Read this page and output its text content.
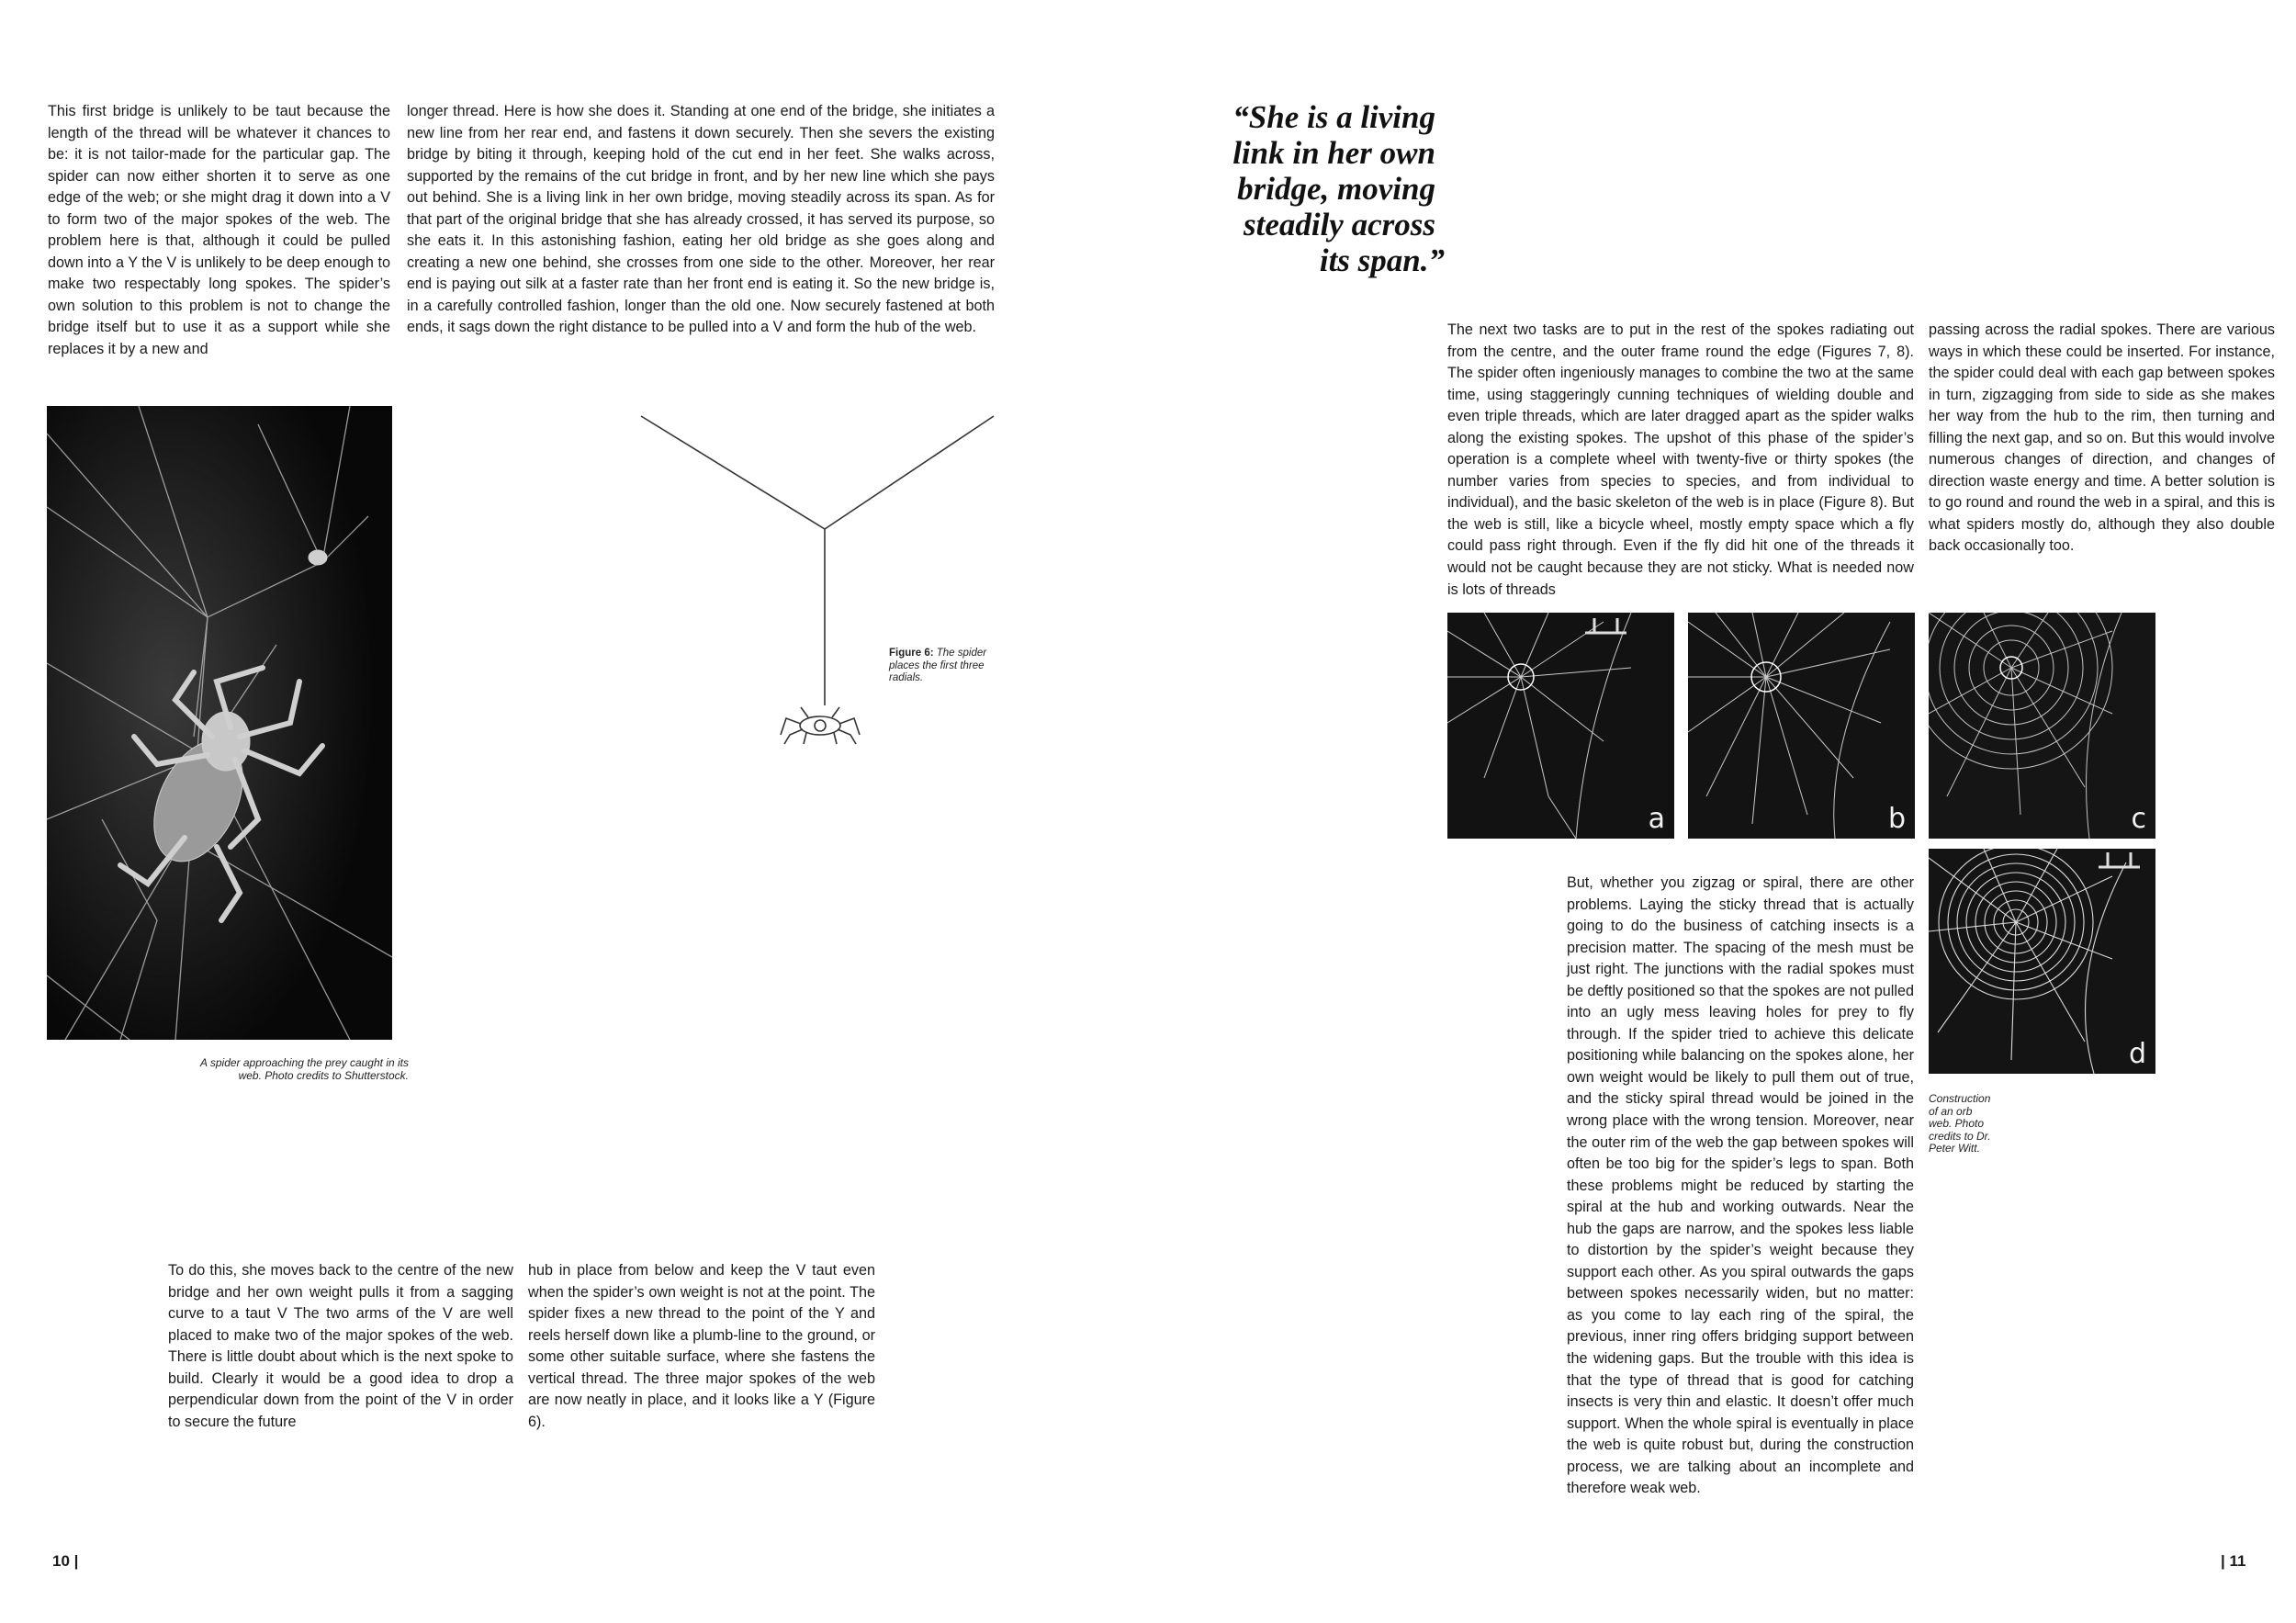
This first bridge is unlikely to be taut because the length of the thread will be whatever it chances to be: it is not tailor-made for the particular gap. The spider can now either shorten it to serve as one edge of the web; or she might drag it down into a V to form two of the major spokes of the web. The problem here is that, although it could be pulled down into a Y the V is unlikely to be deep enough to make two respectably long spokes. The spider’s own solution to this problem is not to change the bridge itself but to use it as a support while she replaces it by a new and

longer thread. Here is how she does it. Standing at one end of the bridge, she initiates a new line from her rear end, and fastens it down securely. Then she severs the existing bridge by biting it through, keeping hold of the cut end in her feet. She walks across, supported by the remains of the cut bridge in front, and by her new line which she pays out behind. She is a living link in her own bridge, moving steadily across its span. As for that part of the original bridge that she has already crossed, it has served its purpose, so she eats it. In this astonishing fashion, eating her old bridge as she goes along and creating a new one behind, she crosses from one side to the other. Moreover, her rear end is paying out silk at a faster rate than her front end is eating it. So the new bridge is, in a carefully controlled fashion, longer than the old one. Now securely fastened at both ends, it sags down the right distance to be pulled into a V and form the hub of the web.

A spider approaching the prey caught in its web. Photo credits to Shutterstock.

Figure 6: The spider places the first three radials.

To do this, she moves back to the centre of the new bridge and her own weight pulls it from a sagging curve to a taut V The two arms of the V are well placed to make two of the major spokes of the web. There is little doubt about which is the next spoke to build. Clearly it would be a good idea to drop a perpendicular down from the point of the V in order to secure the future

hub in place from below and keep the V taut even when the spider’s own weight is not at the point. The spider fixes a new thread to the point of the Y and reels herself down like a plumb-line to the ground, or some other suitable surface, where she fastens the vertical thread. The three major spokes of the web are now neatly in place, and it looks like a Y (Figure 6).

10 |
“She is a living
link in her own
bridge, moving
steadily across
its span.”

The next two tasks are to put in the rest of the spokes radiating out from the centre, and the outer frame round the edge (Figures 7, 8). The spider often ingeniously manages to combine the two at the same time, using staggeringly cunning techniques of wielding double and even triple threads, which are later dragged apart as the spider walks along the existing spokes. The upshot of this phase of the spider’s operation is a complete wheel with twenty-five or thirty spokes (the number varies from species to species, and from individual to individual), and the basic skeleton of the web is in place (Figure 8). But the web is still, like a bicycle wheel, mostly empty space which a fly could pass right through. Even if the fly did hit one of the threads it would not be caught because they are not sticky. What is needed now is lots of threads

passing across the radial spokes. There are various ways in which these could be inserted. For instance, the spider could deal with each gap between spokes in turn, zigzagging from side to side as she makes her way from the hub to the rim, then turning and filling the next gap, and so on. But this would involve numerous changes of direction, and changes of direction waste energy and time. A better solution is to go round and round the web in a spiral, and this is what spiders mostly do, although they also double back occasionally too.

a	b	c
d

But, whether you zigzag or spiral, there are other problems. Laying the sticky thread that is actually going to do the business of catching insects is a precision matter. The spacing of the mesh must be just right. The junctions with the radial spokes must be deftly positioned so that the spokes are not pulled into an ugly mess leaving holes for prey to fly through. If the spider tried to achieve this delicate positioning while balancing on the spokes alone, her own weight would be likely to pull them out of true, and the sticky spiral thread would be joined in the wrong place with the wrong tension. Moreover, near the outer rim of the web the gap between spokes will often be too big for the spider’s legs to span. Both these problems might be reduced by starting the spiral at the hub and working outwards. Near the hub the gaps are narrow, and the spokes less liable to distortion by the spider’s weight because they support each other. As you spiral outwards the gaps between spokes necessarily widen, but no matter: as you come to lay each ring of the spiral, the previous, inner ring offers bridging support between the widening gaps. But the trouble with this idea is that the type of thread that is good for catching insects is very thin and elastic. It doesn’t offer much support. When the whole spiral is eventually in place the web is quite robust but, during the construction process, we are talking about an incomplete and therefore weak web.

Construction of an orb web. Photo credits to Dr. Peter Witt.

| 11
